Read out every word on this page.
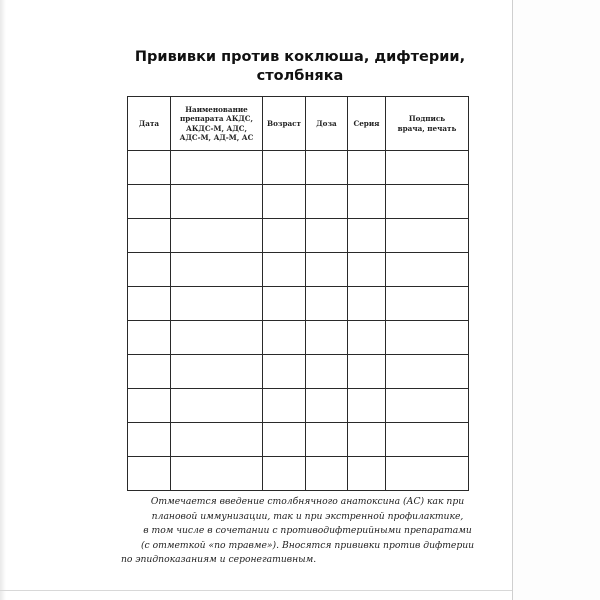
Прививки против коклюша, дифтерии,
столбняка
Дата	Наименование препарата АКДС, АКДС-М, АДС, АДС-М, АД-М, АС	Возраст	Доза	Серия	Подпись врача, печать

Отмечается введение столбнячного анатоксина (АС) как при
плановой иммунизации, так и при экстренной профилактике,
в том числе в сочетании с противодифтерийными препаратами
(с отметкой «по травме»). Вносятся прививки против дифтерии
по эпидпоказаниям и серонегативным.
